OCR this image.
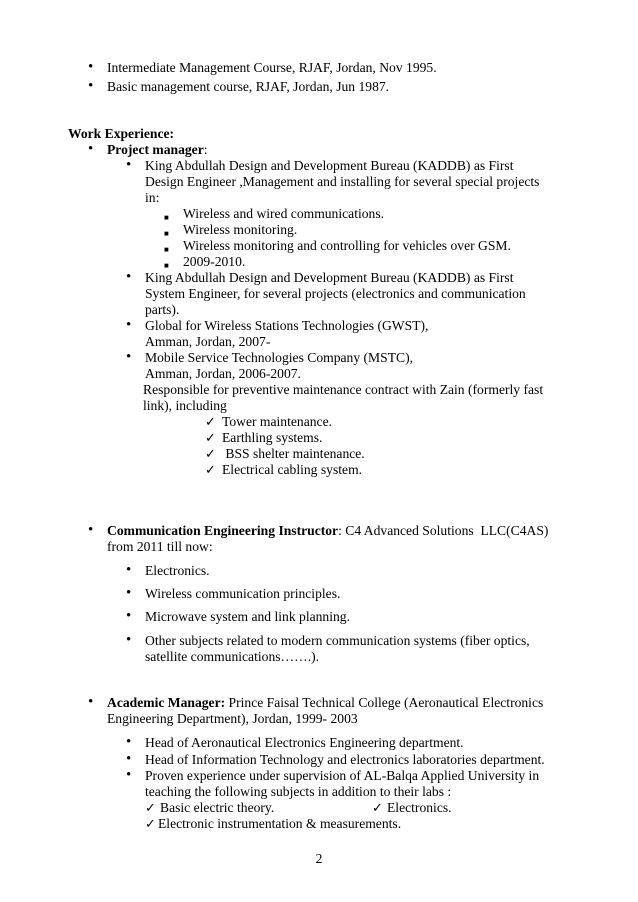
•
Intermediate Management Course, RJAF, Jordan, Nov 1995.
•
Basic management course, RJAF, Jordan, Jun 1987.
Work Experience:
•
Project manager:
•
King Abdullah Design and Development Bureau (KADDB) as First
Design Engineer ,Management and installing for several special projects
in:
■ Wireless and wired communications.
■ Wireless monitoring.
■ Wireless monitoring and controlling for vehicles over GSM.
■ 2009-2010.
•
King Abdullah Design and Development Bureau (KADDB) as First
System Engineer, for several projects (electronics and communication
parts).
•
Global for Wireless Stations Technologies (GWST),
Amman, Jordan, 2007-
•
Mobile Service Technologies Company (MSTC),
Amman, Jordan, 2006-2007.
Responsible for preventive maintenance contract with Zain (formerly fast
link), including
✓ Tower maintenance.
✓ Earthling systems.
✓ BSS shelter maintenance.
✓ Electrical cabling system.
•
Communication Engineering Instructor: C4 Advanced Solutions  LLC(C4AS)
from 2011 till now:
•
Electronics.
•
Wireless communication principles.
•
Microwave system and link planning.
•
Other subjects related to modern communication systems (fiber optics,
satellite communications…….).
•
Academic Manager: Prince Faisal Technical College (Aeronautical Electronics
Engineering Department), Jordan, 1999- 2003
•
Head of Aeronautical Electronics Engineering department.
•
Head of Information Technology and electronics laboratories department.
•
Proven experience under supervision of AL-Balqa Applied University in
teaching the following subjects in addition to their labs :
✓ Basic electric theory.	✓ Electronics.
✓ Electronic instrumentation & measurements.
2
